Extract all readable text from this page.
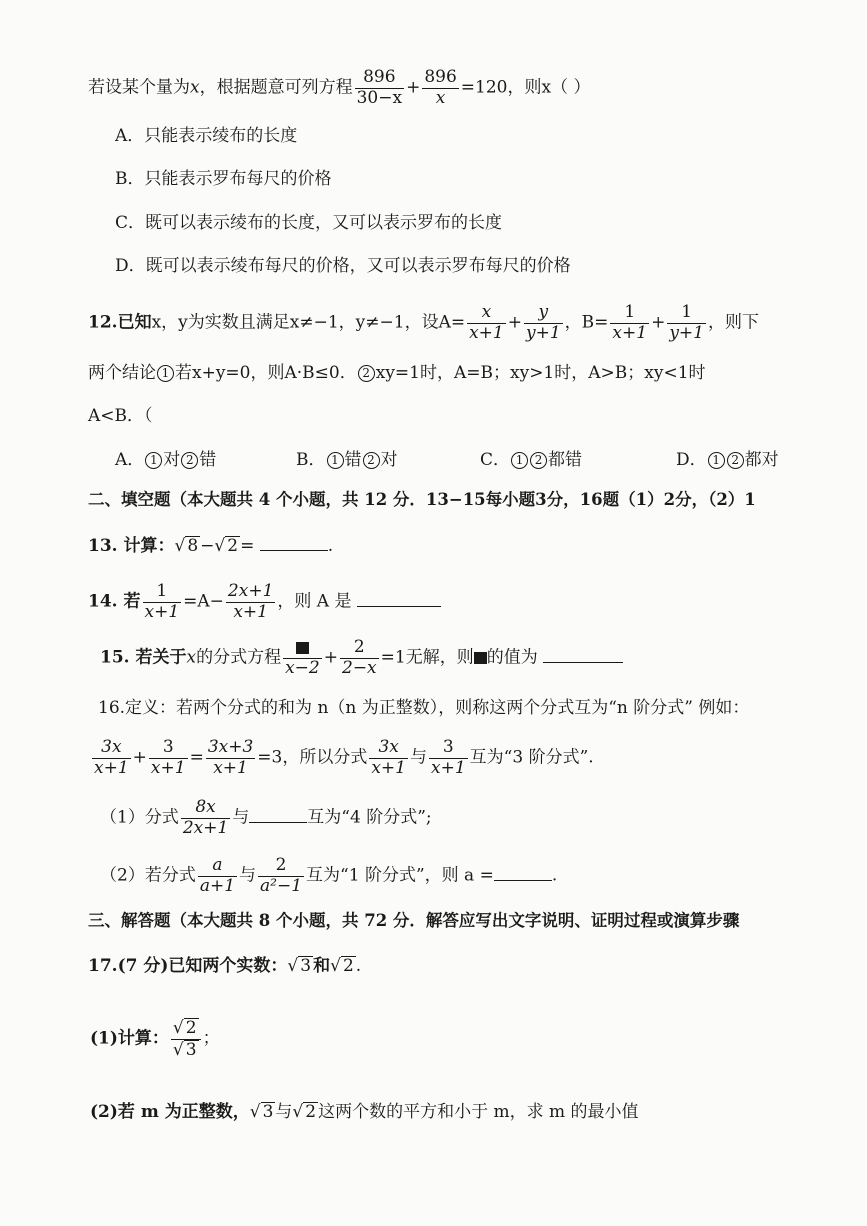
若设某个量为x，根据题意可列方程 $\frac{896}{30-x} + \frac{896}{x} =120$，则x（ ）
A．只能表示绫布的长度
B．只能表示罗布每尺的价格
C．既可以表示绫布的长度，又可以表示罗布的长度
D．既可以表示绫布每尺的价格，又可以表示罗布每尺的价格
12.已知x，y为实数且满足x≠−1，y≠−1，设$A= \frac{x}{x+1} + \frac{y}{y+1}$ ，$B= \frac{1}{x+1} + \frac{1}{y+1}$ ，则下
两个结论 1 若x+y=0，则A·B≤0． 2 xy=1时，A=B；xy>1时，A>B；xy<1时
A<B．（
A． 1 对 2 错	B． 1 错 2 对	C． 1 2 都错	D． 1 2 都对
二、填空题（本大题共 4 个小题，共 12 分．13−15每小题3分，16题（1）2分，（2）1
13. 计算：√ 8 −√ 2 =	.
14. 若 $\frac{1}{x+1} =A- \frac{2x+1}{x+1}$ ，则 A 是
15. 若关于x的分式方程 $x-2 + \frac{2}{2-x} =1$无解，则 的值为
16.定义：若两个分式的和为 n（n 为正整数），则称这两个分式互为“n 阶分式” 例如：
$\frac{3x}{x+1} + \frac{3}{x+1} = \frac{3x+3}{x+1} =3$，所以分式 $\frac{3x}{x+1}$ 与 $\frac{3}{x+1}$ 互为“3 阶分式”.
（1）分式 $\frac{8x}{2x+1}$ 与	互为“4 阶分式”;
（2）若分式 $\frac{a}{a+1}$ 与 $\frac{2}{\text{a²−1}}$ 互为“1 阶分式”，则 a =	.
三、解答题（本大题共 8 个小题，共 72 分．解答应写出文字说明、证明过程或演算步骤
17.(7 分)已知两个实数：√ 3 和√ 2 .
(1)计算： $\frac{√ 2}{√ 3}$ ；
(2)若 m 为正整数，√ 3 与√ 2 这两个数的平方和小于 m，求 m 的最小值
